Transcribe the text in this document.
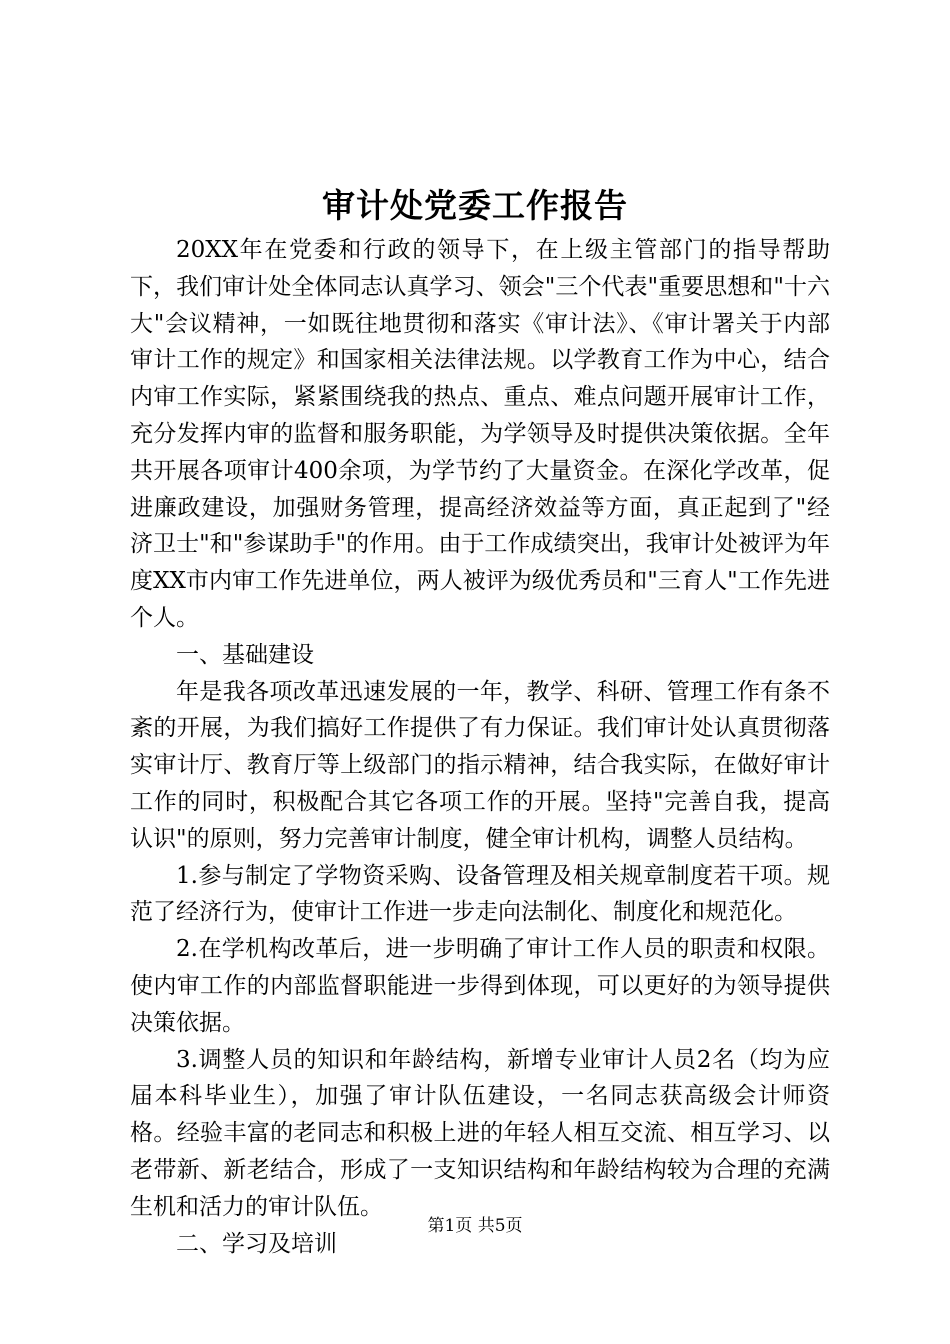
审计处党委工作报告

20XX年在党委和行政的领导下，在上级主管部门的指导帮助下，我们审计处全体同志认真学习、领会"三个代表"重要思想和"十六大"会议精神，一如既往地贯彻和落实《审计法》、《审计署关于内部审计工作的规定》和国家相关法律法规。以学教育工作为中心，结合内审工作实际，紧紧围绕我的热点、重点、难点问题开展审计工作，充分发挥内审的监督和服务职能，为学领导及时提供决策依据。全年共开展各项审计400余项，为学节约了大量资金。在深化学改革，促进廉政建设，加强财务管理，提高经济效益等方面，真正起到了"经济卫士"和"参谋助手"的作用。由于工作成绩突出，我审计处被评为年度XX市内审工作先进单位，两人被评为级优秀员和"三育人"工作先进个人。

一、基础建设

年是我各项改革迅速发展的一年，教学、科研、管理工作有条不紊的开展，为我们搞好工作提供了有力保证。我们审计处认真贯彻落实审计厅、教育厅等上级部门的指示精神，结合我实际，在做好审计工作的同时，积极配合其它各项工作的开展。坚持"完善自我，提高认识"的原则，努力完善审计制度，健全审计机构，调整人员结构。

1.参与制定了学物资采购、设备管理及相关规章制度若干项。规范了经济行为，使审计工作进一步走向法制化、制度化和规范化。

2.在学机构改革后，进一步明确了审计工作人员的职责和权限。使内审工作的内部监督职能进一步得到体现，可以更好的为领导提供决策依据。

3.调整人员的知识和年龄结构，新增专业审计人员2名（均为应届本科毕业生），加强了审计队伍建设，一名同志获高级会计师资格。经验丰富的老同志和积极上进的年轻人相互交流、相互学习、以老带新、新老结合，形成了一支知识结构和年龄结构较为合理的充满生机和活力的审计队伍。

二、学习及培训

第1页 共5页
